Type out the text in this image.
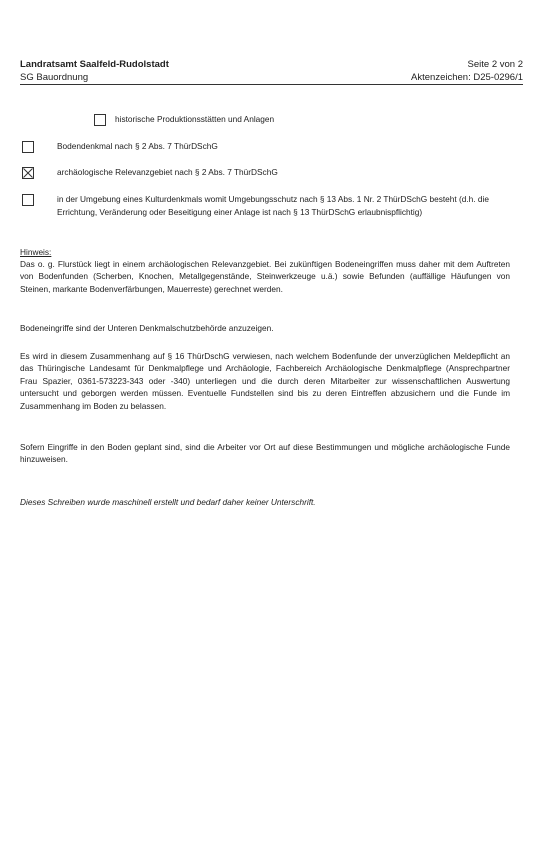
Landratsamt Saalfeld-Rudolstadt
SG Bauordnung
Seite 2 von 2
Aktenzeichen: D25-0296/1
historische Produktionsstätten und Anlagen
Bodendenkmal nach § 2 Abs. 7 ThürDSchG
archäologische Relevanzgebiet nach § 2 Abs. 7 ThürDSchG
in der Umgebung eines Kulturdenkmals womit Umgebungsschutz nach § 13 Abs. 1 Nr. 2 ThürDSchG besteht (d.h. die Errichtung, Veränderung oder Beseitigung einer Anlage ist nach § 13 ThürDSchG erlaubnispflichtig)
Hinweis:
Das o. g. Flurstück liegt in einem archäologischen Relevanzgebiet. Bei zukünftigen Bodeneingriffen muss daher mit dem Auftreten von Bodenfunden (Scherben, Knochen, Metallgegenstände, Steinwerkzeuge u.ä.) sowie Befunden (auffällige Häufungen von Steinen, markante Bodenverfärbungen, Mauerreste) gerechnet werden.
Bodeneingriffe sind der Unteren Denkmalschutzbehörde anzuzeigen.
Es wird in diesem Zusammenhang auf § 16 ThürDschG verwiesen, nach welchem Bodenfunde der unverzüglichen Meldepflicht an das Thüringische Landesamt für Denkmalpflege und Archäologie, Fachbereich Archäologische Denkmalpflege (Ansprechpartner Frau Spazier, 0361-573223-343 oder -340) unterliegen und die durch deren Mitarbeiter zur wissenschaftlichen Auswertung untersucht und geborgen werden müssen. Eventuelle Fundstellen sind bis zu deren Eintreffen abzusichern und die Funde im Zusammenhang im Boden zu belassen.
Sofern Eingriffe in den Boden geplant sind, sind die Arbeiter vor Ort auf diese Bestimmungen und mögliche archäologische Funde hinzuweisen.
Dieses Schreiben wurde maschinell erstellt und bedarf daher keiner Unterschrift.
